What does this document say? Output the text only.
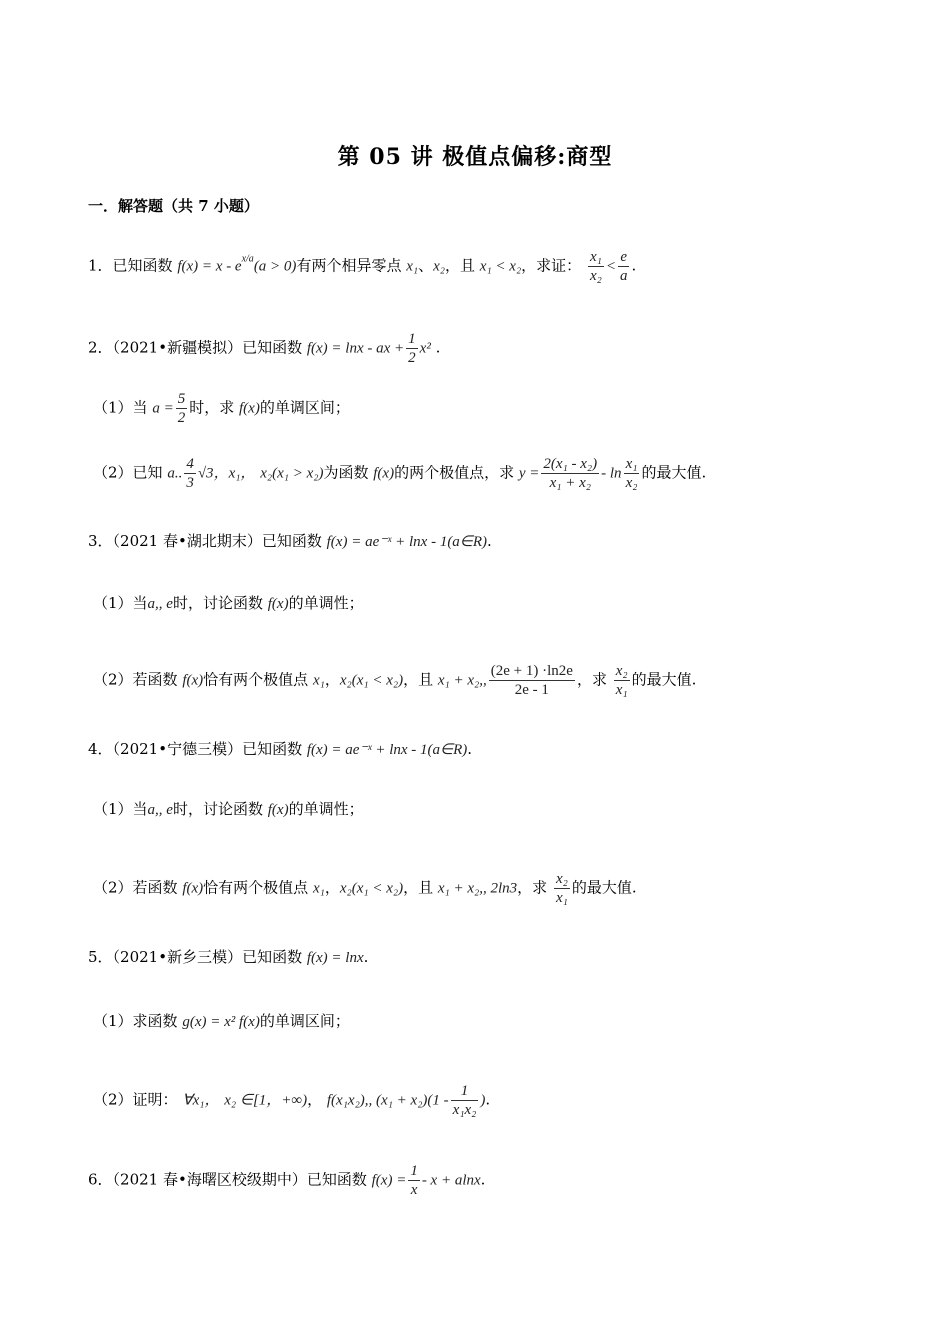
第 05 讲 极值点偏移:商型
一．解答题（共 7 小题）
1．已知函数 $f(x) = x - e^{x/a}(a > 0)$有两个相异零点 x₁、x₂，且 x₁ < x₂，求证： $\frac{\text{x₁}}{\text{x₂}} < \frac{e}{a}$ .
2．（2021•新疆模拟）已知函数 f(x) = lnx - ax + $\frac{1}{2} x^2$ .
（1）当 $a = \frac{5}{2}$ 时，求 f(x)的单调区间；
（2）已知 a.. $\frac{4}{3} √3$，x₁， x₂(x₁ > x₂)为函数 f(x)的两个极值点，求 $y = \frac{\text{2(x₁ - x₂)}}{\text{x₁ + x₂}} - \ln \frac{\text{x₁}}{\text{x₂}}$ 的最大值.
3．（2021 春•湖北期末）已知函数 f(x) = ae⁻ˣ + lnx - 1(a∈R).
（1）当a,, e时，讨论函数 f(x)的单调性；
（2）若函数 f(x)恰有两个极值点 x₁，x₂(x₁ < x₂)，且 x₁ + x₂,, $\frac{(2e + 1) \cdot\ln 2e}{2e - 1}$ ，求 $\frac{\text{x₂}}{\text{x₁}}$ 的最大值.
4．（2021•宁德三模）已知函数 f(x) = ae⁻ˣ + lnx - 1(a∈R).
（1）当a,, e时，讨论函数 f(x)的单调性；
（2）若函数 f(x)恰有两个极值点 x₁，x₂(x₁ < x₂)，且 x₁ + x₂,, 2ln3，求 $\frac{\text{x₂}}{\text{x₁}}$ 的最大值.
5．（2021•新乡三模）已知函数 f(x) = lnx.
（1）求函数 g(x) = x² f(x)的单调区间；
（2）证明： ∀x₁， x₂ ∈[1，+∞)， f(x₁x₂),, $(x_1 + x_2)(1 - \frac{1}{\text{x₁x₂}}$ ).
6．（2021 春•海曙区校级期中）已知函数 $f(x) = \frac{1}{x} - x + alnx$.
